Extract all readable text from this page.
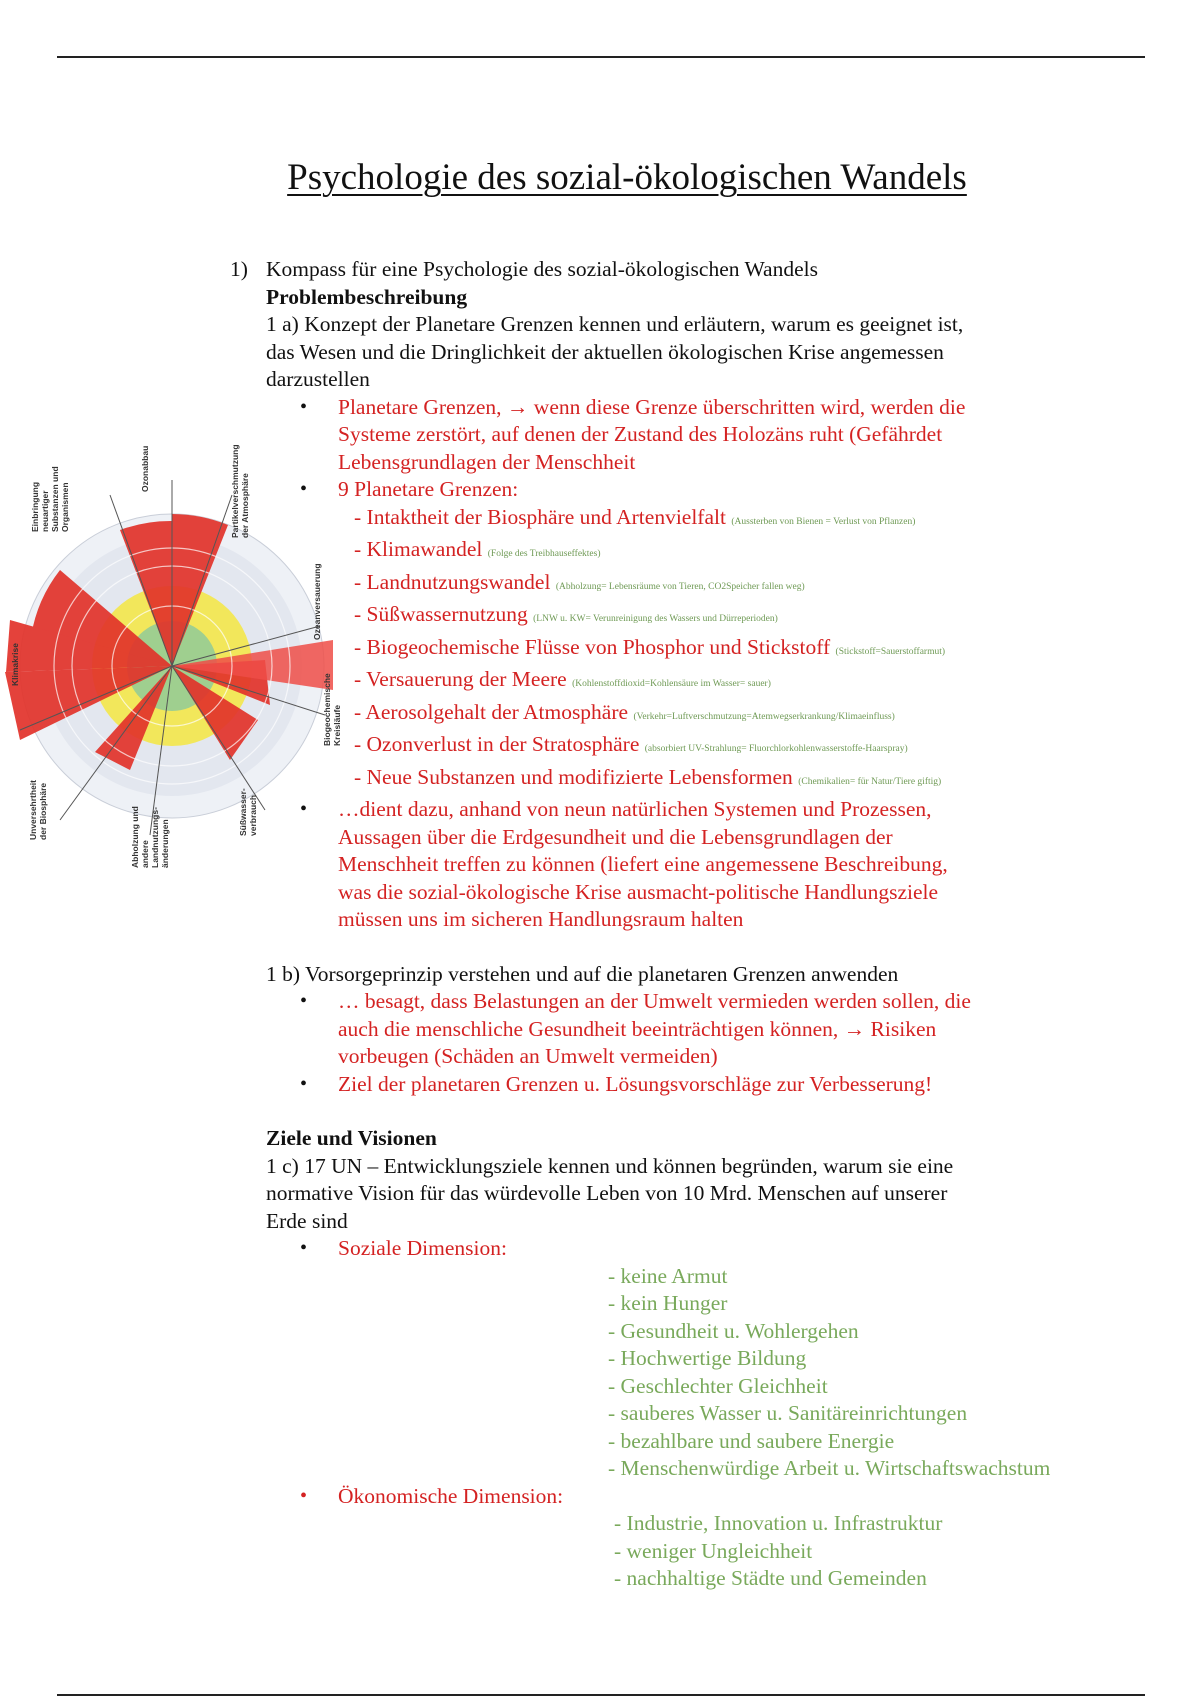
Psychologie des sozial-ökologischen Wandels
Einbringung neuartiger Substanzen und Organismen
Ozonabbau	Partikelverschmutzung der Atmosphäre
Klimakrise
Ozeanversauerung
Biogeochemische Kreisläufe
Unversehrtheit der Biosphäre	Abholzung und andere Landnutzungs-änderungen
Süßwasser-verbrauch

1) Kompass für eine Psychologie des sozial-ökologischen Wandels

Problembeschreibung

1 a) Konzept der Planetare Grenzen kennen und erläutern, warum es geeignet ist,

das Wesen und die Dringlichkeit der aktuellen ökologischen Krise angemessen

darzustellen

• Planetare Grenzen, → wenn diese Grenze überschritten wird, werden die
Systeme zerstört, auf denen der Zustand des Holozäns ruht (Gefährdet
Lebensgrundlagen der Menschheit
• 9 Planetare Grenzen:
- Intaktheit der Biosphäre und Artenvielfalt (Aussterben von Bienen = Verlust von Pflanzen)
- Klimawandel (Folge des Treibhauseffektes)
- Landnutzungswandel (Abholzung= Lebensräume von Tieren, CO2Speicher fallen weg)
- Süßwassernutzung (LNW u. KW= Verunreinigung des Wassers und Dürreperioden)
- Biogeochemische Flüsse von Phosphor und Stickstoff (Stickstoff=Sauerstoffarmut)
- Versauerung der Meere (Kohlenstoffdioxid=Kohlensäure im Wasser= sauer)
- Aerosolgehalt der Atmosphäre (Verkehr=Luftverschmutzung=Atemwegserkrankung/Klimaeinfluss)
- Ozonverlust in der Stratosphäre (absorbiert UV-Strahlung= Fluorchlorkohlenwasserstoffe-Haarspray)
- Neue Substanzen und modifizierte Lebensformen (Chemikalien= für Natur/Tiere giftig)
• …dient dazu, anhand von neun natürlichen Systemen und Prozessen,
Aussagen über die Erdgesundheit und die Lebensgrundlagen der
Menschheit treffen zu können (liefert eine angemessene Beschreibung,
was die sozial-ökologische Krise ausmacht-politische Handlungsziele
müssen uns im sicheren Handlungsraum halten

1 b) Vorsorgeprinzip verstehen und auf die planetaren Grenzen anwenden

• … besagt, dass Belastungen an der Umwelt vermieden werden sollen, die
auch die menschliche Gesundheit beeinträchtigen können, → Risiken
vorbeugen (Schäden an Umwelt vermeiden)
• Ziel der planetaren Grenzen u. Lösungsvorschläge zur Verbesserung!

Ziele und Visionen

1 c) 17 UN – Entwicklungsziele kennen und können begründen, warum sie eine

normative Vision für das würdevolle Leben von 10 Mrd. Menschen auf unserer

Erde sind

• Soziale Dimension:
- keine Armut
- kein Hunger
- Gesundheit u. Wohlergehen
- Hochwertige Bildung
- Geschlechter Gleichheit
- sauberes Wasser u. Sanitäreinrichtungen
- bezahlbare und saubere Energie
- Menschenwürdige Arbeit u. Wirtschaftswachstum
• Ökonomische Dimension:
- Industrie, Innovation u. Infrastruktur
- weniger Ungleichheit
- nachhaltige Städte und Gemeinden
